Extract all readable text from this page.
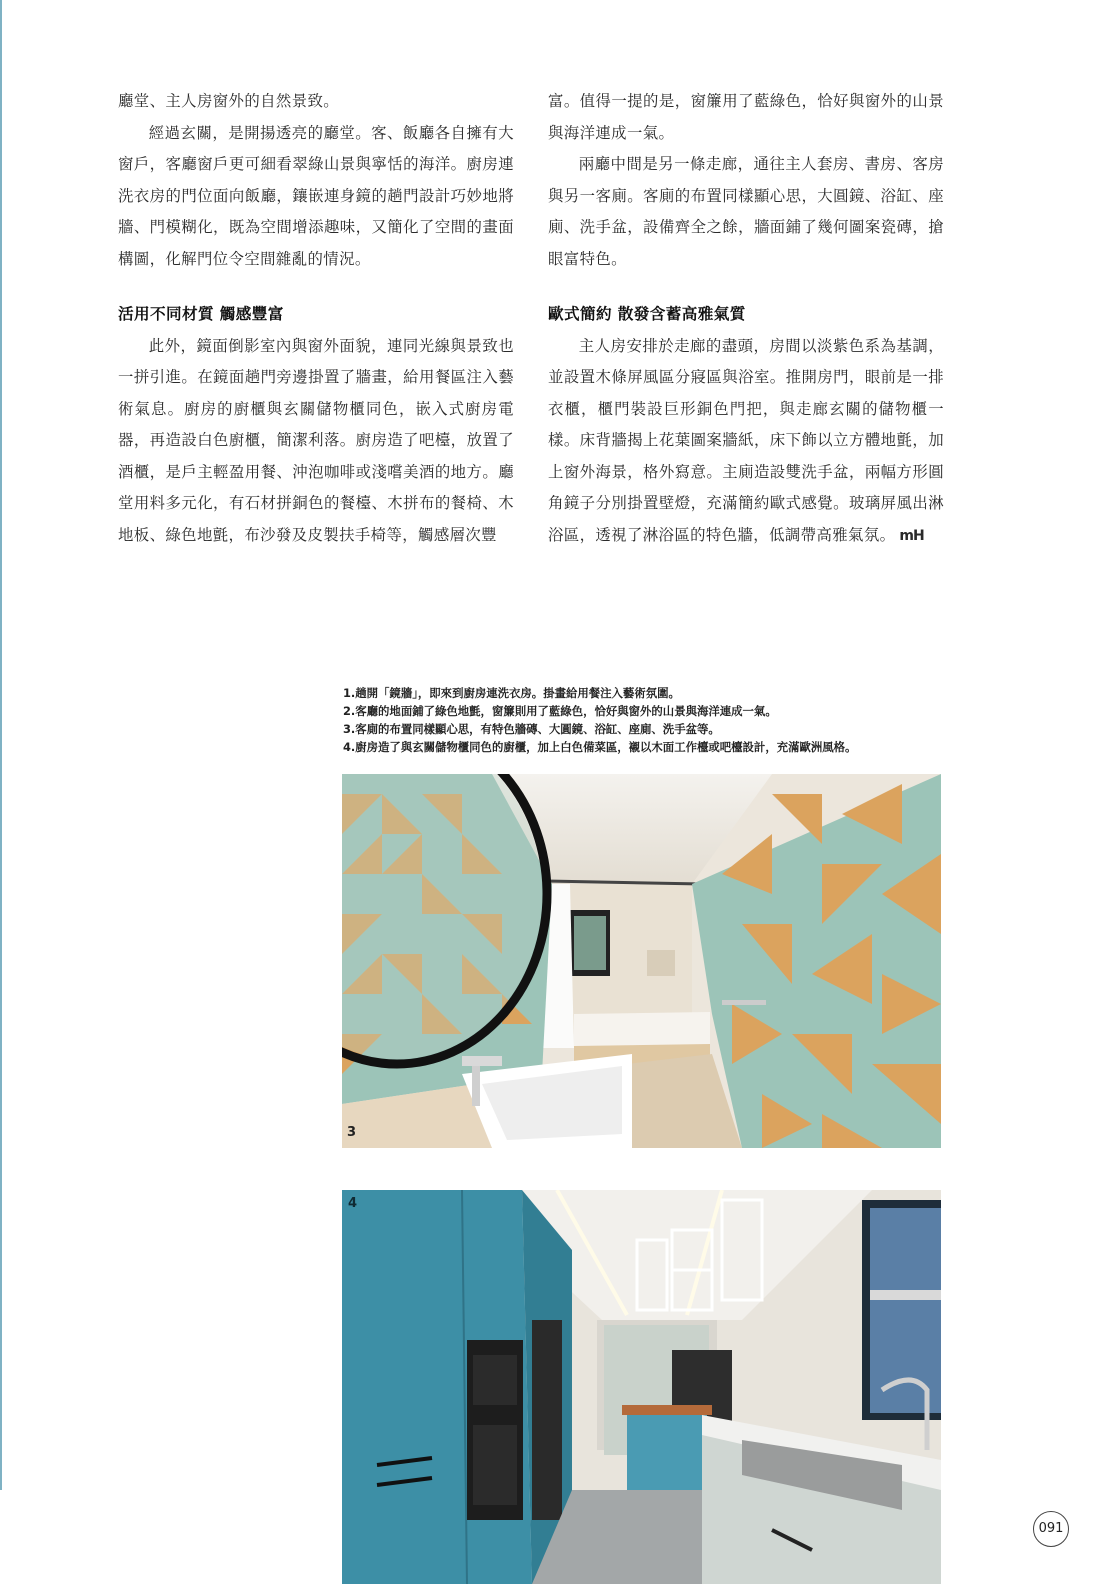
廳堂、主人房窗外的自然景致。

經過玄關，是開揚透亮的廳堂。客、飯廳各自擁有大窗戶，客廳窗戶更可細看翠綠山景與寧恬的海洋。廚房連洗衣房的門位面向飯廳，鑲嵌連身鏡的趟門設計巧妙地將牆、門模糊化，既為空間增添趣味，又簡化了空間的畫面構圖，化解門位令空間雜亂的情況。

活用不同材質 觸感豐富

此外，鏡面倒影室內與窗外面貌，連同光線與景致也一拼引進。在鏡面趟門旁邊掛置了牆畫，給用餐區注入藝術氣息。廚房的廚櫃與玄關儲物櫃同色，嵌入式廚房電器，再造設白色廚櫃，簡潔利落。廚房造了吧檯，放置了酒櫃，是戶主輕盈用餐、沖泡咖啡或淺嚐美酒的地方。廳堂用料多元化，有石材拼銅色的餐檯、木拼布的餐椅、木地板、綠色地氈，布沙發及皮製扶手椅等，觸感層次豐

富。值得一提的是，窗簾用了藍綠色，恰好與窗外的山景與海洋連成一氣。

兩廳中間是另一條走廊，通往主人套房、書房、客房與另一客廁。客廁的布置同樣顯心思，大圓鏡、浴缸、座廁、洗手盆，設備齊全之餘，牆面鋪了幾何圖案瓷磚，搶眼富特色。

歐式簡約 散發含蓄高雅氣質

主人房安排於走廊的盡頭，房間以淡紫色系為基調，並設置木條屏風區分寢區與浴室。推開房門，眼前是一排衣櫃，櫃門裝設巨形銅色門把，與走廊玄關的儲物櫃一樣。床背牆揭上花葉圖案牆紙，床下飾以立方體地氈，加上窗外海景，格外寫意。主廁造設雙洗手盆，兩幅方形圓角鏡子分別掛置壁燈，充滿簡約歐式感覺。玻璃屏風出淋浴區，透視了淋浴區的特色牆，低調帶高雅氣氛。 mH

1.趟開「鏡牆」，即來到廚房連洗衣房。掛畫給用餐注入藝術氛圍。
2.客廳的地面鋪了綠色地氈，窗簾則用了藍綠色，恰好與窗外的山景與海洋連成一氣。
3.客廁的布置同樣顯心思，有特色牆磚、大圓鏡、浴缸、座廁、洗手盆等。
4.廚房造了與玄關儲物櫃同色的廚櫃，加上白色備菜區，襯以木面工作檯或吧檯設計，充滿歐洲風格。
3
4
091
